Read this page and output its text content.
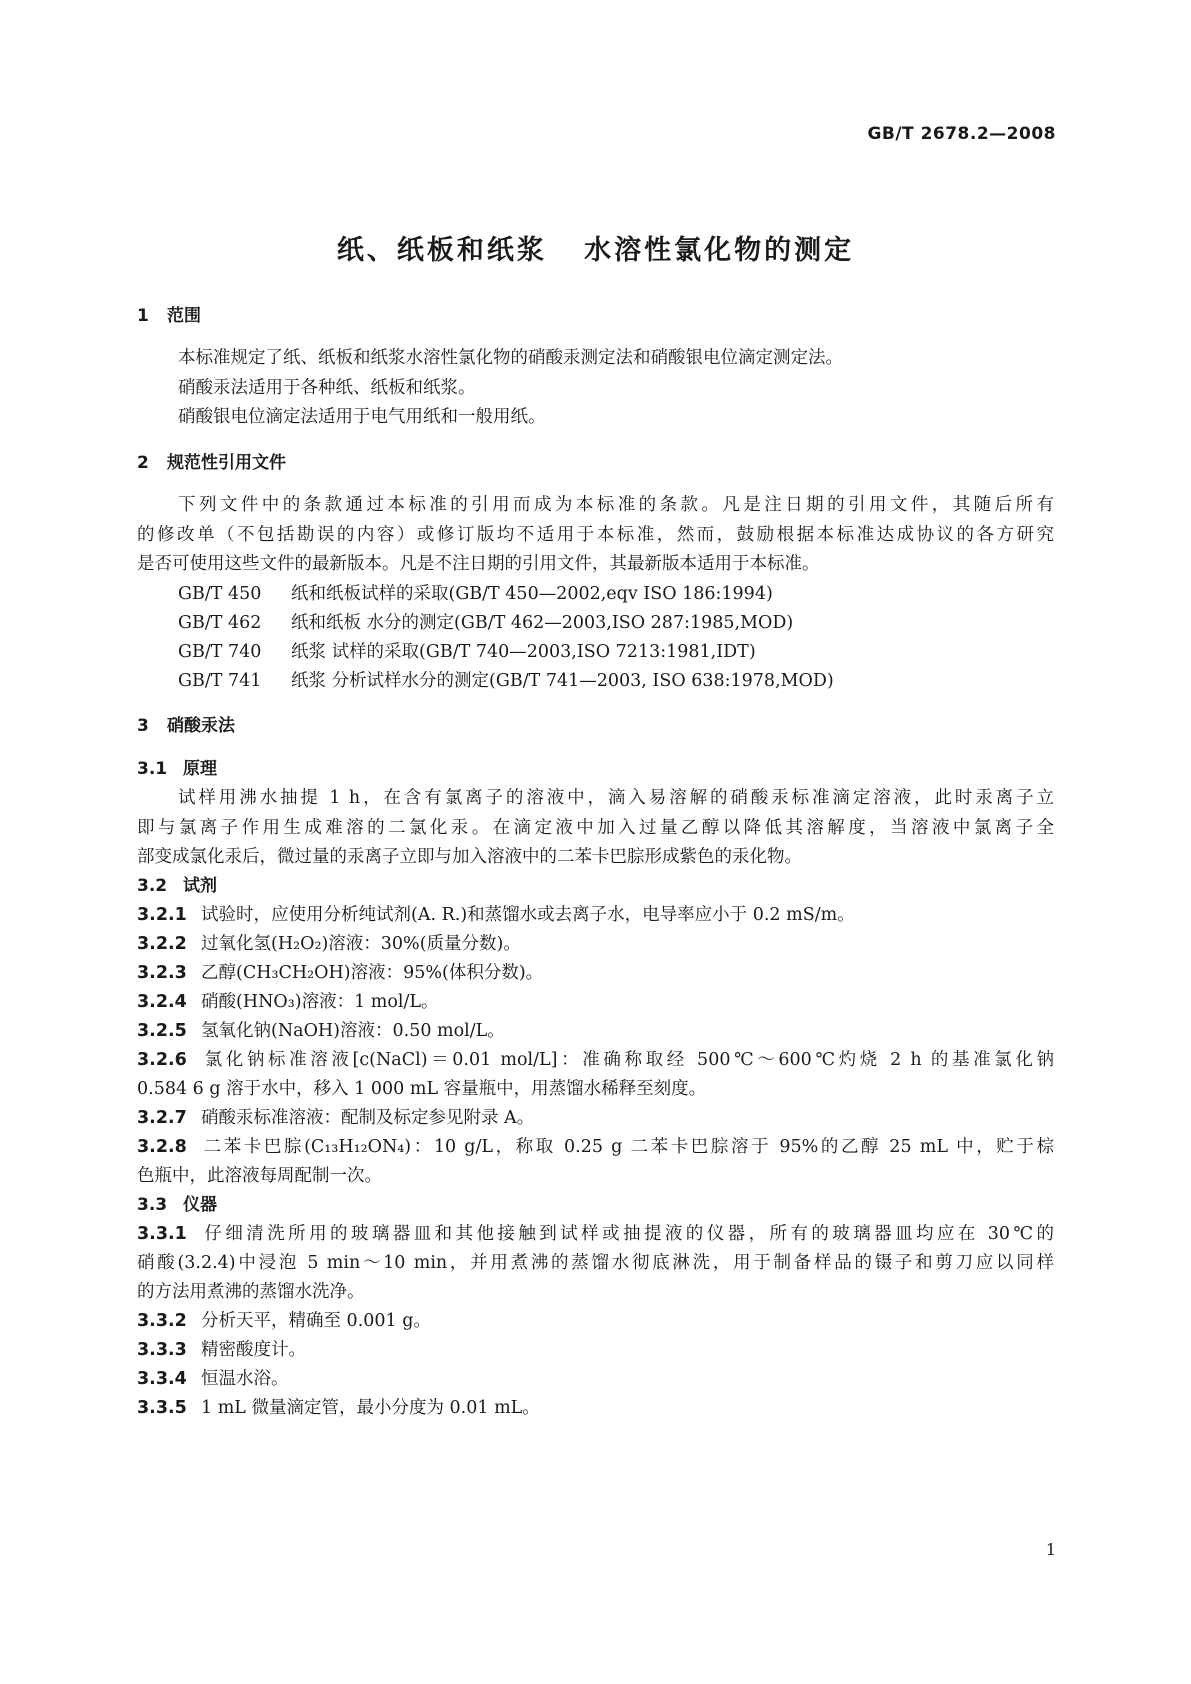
GB/T 2678.2—2008
纸、纸板和纸浆   水溶性氯化物的测定
1 范围
本标准规定了纸、纸板和纸浆水溶性氯化物的硝酸汞测定法和硝酸银电位滴定测定法。
硝酸汞法适用于各种纸、纸板和纸浆。
硝酸银电位滴定法适用于电气用纸和一般用纸。
2 规范性引用文件
下列文件中的条款通过本标准的引用而成为本标准的条款。凡是注日期的引用文件，其随后所有
的修改单（不包括勘误的内容）或修订版均不适用于本标准，然而，鼓励根据本标准达成协议的各方研究
是否可使用这些文件的最新版本。凡是不注日期的引用文件，其最新版本适用于本标准。
GB/T 450 纸和纸板试样的采取(GB/T 450—2002,eqv ISO 186:1994)
GB/T 462 纸和纸板 水分的测定(GB/T 462—2003,ISO 287:1985,MOD)
GB/T 740 纸浆 试样的采取(GB/T 740—2003,ISO 7213:1981,IDT)
GB/T 741 纸浆 分析试样水分的测定(GB/T 741—2003, ISO 638:1978,MOD)
3 硝酸汞法
3.1 原理
试样用沸水抽提 1 h，在含有氯离子的溶液中，滴入易溶解的硝酸汞标准滴定溶液，此时汞离子立
即与氯离子作用生成难溶的二氯化汞。在滴定液中加入过量乙醇以降低其溶解度，当溶液中氯离子全
部变成氯化汞后，微过量的汞离子立即与加入溶液中的二苯卡巴腙形成紫色的汞化物。
3.2 试剂
3.2.1 试验时，应使用分析纯试剂(A. R.)和蒸馏水或去离子水，电导率应小于 0.2 mS/m。
3.2.2 过氧化氢(H₂O₂)溶液：30%(质量分数)。
3.2.3 乙醇(CH₃CH₂OH)溶液：95%(体积分数)。
3.2.4 硝酸(HNO₃)溶液：1 mol/L。
3.2.5 氢氧化钠(NaOH)溶液：0.50 mol/L。
3.2.6 氯化钠标准溶液[c(NaCl)＝0.01 mol/L]：准确称取经 500℃～600℃灼烧 2 h 的基准氯化钠
0.584 6 g 溶于水中，移入 1 000 mL 容量瓶中，用蒸馏水稀释至刻度。
3.2.7 硝酸汞标准溶液：配制及标定参见附录 A。
3.2.8 二苯卡巴腙(C₁₃H₁₂ON₄)：10 g/L，称取 0.25 g 二苯卡巴腙溶于 95%的乙醇 25 mL 中，贮于棕
色瓶中，此溶液每周配制一次。
3.3 仪器
3.3.1 仔细清洗所用的玻璃器皿和其他接触到试样或抽提液的仪器，所有的玻璃器皿均应在 30℃的
硝酸(3.2.4)中浸泡 5 min～10 min，并用煮沸的蒸馏水彻底淋洗，用于制备样品的镊子和剪刀应以同样
的方法用煮沸的蒸馏水洗净。
3.3.2 分析天平，精确至 0.001 g。
3.3.3 精密酸度计。
3.3.4 恒温水浴。
3.3.5 1 mL 微量滴定管，最小分度为 0.01 mL。
1
